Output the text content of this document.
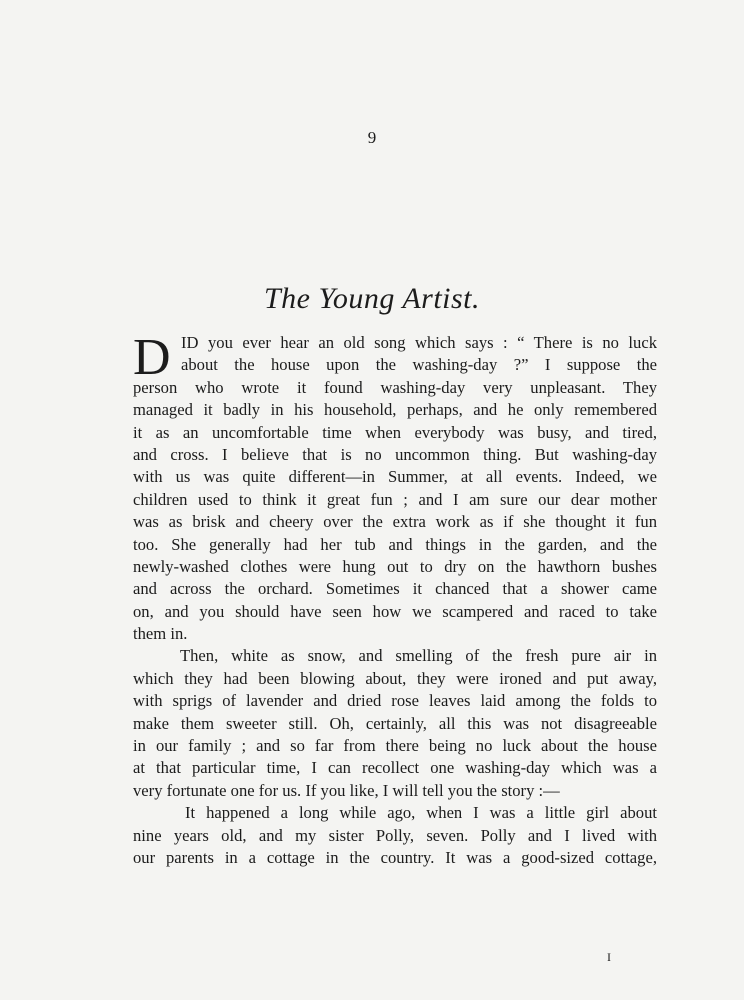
9
The Young Artist.
D ID you ever hear an old song which says : “ There is no luck
about the house upon the washing-day ?” I suppose the
person who wrote it found washing-day very unpleasant. They
managed it badly in his household, perhaps, and he only remembered
it as an uncomfortable time when everybody was busy, and tired,
and cross. I believe that is no uncommon thing. But washing-day
with us was quite different—in Summer, at all events. Indeed, we
children used to think it great fun ; and I am sure our dear mother
was as brisk and cheery over the extra work as if she thought it fun
too. She generally had her tub and things in the garden, and the
newly-washed clothes were hung out to dry on the hawthorn bushes
and across the orchard. Sometimes it chanced that a shower came
on, and you should have seen how we scampered and raced to take
them in.
Then, white as snow, and smelling of the fresh pure air in
which they had been blowing about, they were ironed and put away,
with sprigs of lavender and dried rose leaves laid among the folds to
make them sweeter still. Oh, certainly, all this was not disagreeable
in our family ; and so far from there being no luck about the house
at that particular time, I can recollect one washing-day which was a
very fortunate one for us. If you like, I will tell you the story :—
It happened a long while ago, when I was a little girl about
nine years old, and my sister Polly, seven. Polly and I lived with
our parents in a cottage in the country. It was a good-sized cottage,
I
